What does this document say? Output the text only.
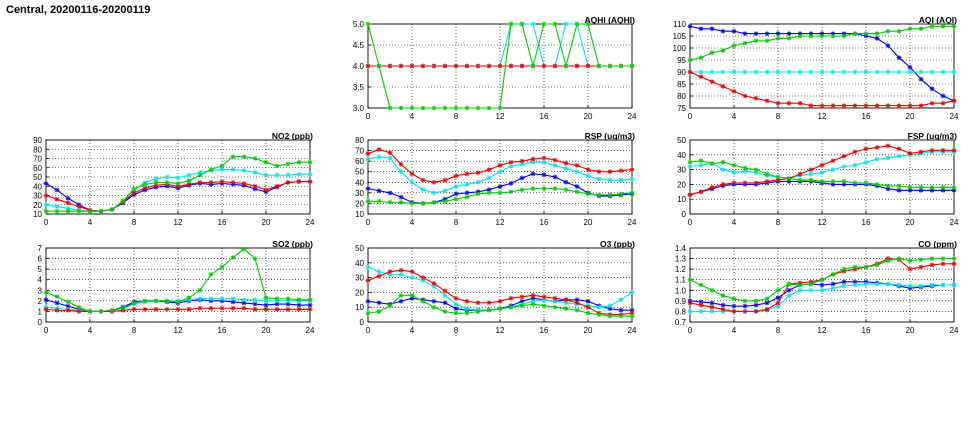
Central, 20200116-20200119
AQHI (AQHI)
3.0
3.5
4.0
4.5
5.0
0	4	8	12	16	20	24
AQI (AQI)
75
80
85
90
95
100
105
110
0	4	8	12	16	20	24
NO2 (ppb)
10
20
30
40
50
60
70
80
90
0	4	8	12	16	20	24
RSP (ug/m3)
10
20
30
40
50
60
70
80
0	4	8	12	16	20	24
FSP (ug/m3)
0
10
20
30
40
50
0	4	8	12	16	20	24
SO2 (ppb)
0
1
2
3
4
5
6
7
0	4	8	12	16	20	24
O3 (ppb)
0
10
20
30
40
50
0	4	8	12	16	20	24
CO (ppm)
0.7
0.8
0.9
1.0
1.1
1.2
1.3
1.4
0	4	8	12	16	20	24
